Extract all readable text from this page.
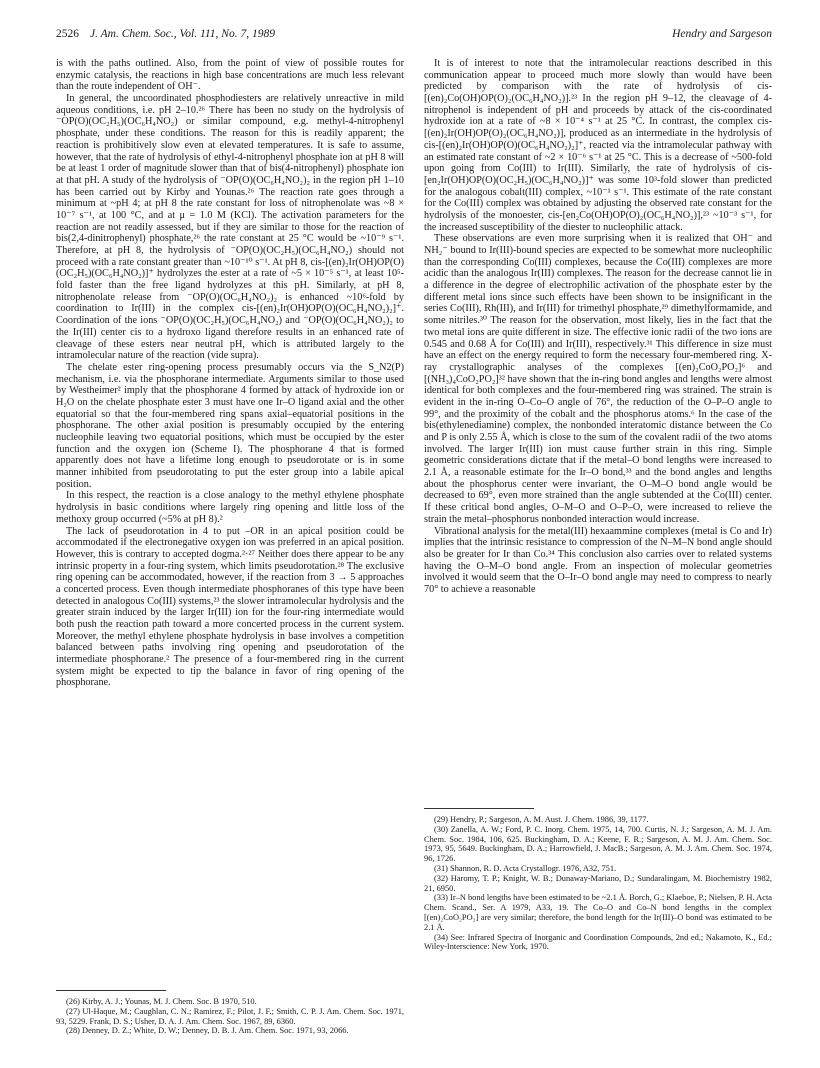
2526 J. Am. Chem. Soc., Vol. 111, No. 7, 1989	Hendry and Sargeson

is with the paths outlined. Also, from the point of view of possible routes for enzymic catalysis, the reactions in high base concentrations are much less relevant than the route independent of OH⁻.

In general, the uncoordinated phosphodiesters are relatively unreactive in mild aqueous conditions, i.e. pH 2–10.²⁶ There has been no study on the hydrolysis of ⁻OP(O)(OC₂H₅)(OC₆H₄NO₂) or similar compound, e.g. methyl-4-nitrophenyl phosphate, under these conditions. The reason for this is readily apparent; the reaction is prohibitively slow even at elevated temperatures. It is safe to assume, however, that the rate of hydrolysis of ethyl-4-nitrophenyl phosphate ion at pH 8 will be at least 1 order of magnitude slower than that of bis(4-nitrophenyl) phosphate ion at that pH. A study of the hydrolysis of ⁻OP(O)(OC₆H₄NO₂)₂ in the region pH 1–10 has been carried out by Kirby and Younas.²⁶ The reaction rate goes through a minimum at ~pH 4; at pH 8 the rate constant for loss of nitrophenolate was ~8 × 10⁻⁷ s⁻¹, at 100 °C, and at μ = 1.0 M (KCl). The activation parameters for the reaction are not readily assessed, but if they are similar to those for the reaction of bis(2,4-dinitrophenyl) phosphate,²⁶ the rate constant at 25 °C would be ~10⁻⁹ s⁻¹. Therefore, at pH 8, the hydrolysis of ⁻OP(O)(OC₂H₅)(OC₆H₄NO₂) should not proceed with a rate constant greater than ~10⁻¹⁰ s⁻¹. At pH 8, cis-[(en)₂Ir(OH)OP(O)(OC₂H₅)(OC₆H₄NO₂)]⁺ hydrolyzes the ester at a rate of ~5 × 10⁻⁵ s⁻¹, at least 10⁵-fold faster than the free ligand hydrolyzes at this pH. Similarly, at pH 8, nitrophenolate release from ⁻OP(O)(OC₆H₄NO₂)₂ is enhanced ~10⁶-fold by coordination to Ir(III) in the complex cis-[(en)₂Ir(OH)OP(O)(OC₆H₄NO₂)₂]⁺. Coordination of the ions ⁻OP(O)(OC₂H₅)(OC₆H₄NO₂) and ⁻OP(O)(OC₆H₄NO₂)₂ to the Ir(III) center cis to a hydroxo ligand therefore results in an enhanced rate of cleavage of these esters near neutral pH, which is attributed largely to the intramolecular nature of the reaction (vide supra).

The chelate ester ring-opening process presumably occurs via the S_N2(P) mechanism, i.e. via the phosphorane intermediate. Arguments similar to those used by Westheimer² imply that the phosphorane 4 formed by attack of hydroxide ion or H₂O on the chelate phosphate ester 3 must have one Ir–O ligand axial and the other equatorial so that the four-membered ring spans axial–equatorial positions in the phosphorane. The other axial position is presumably occupied by the entering nucleophile leaving two equatorial positions, which must be occupied by the ester function and the oxygen ion (Scheme I). The phosphorane 4 that is formed apparently does not have a lifetime long enough to pseudorotate or is in some manner inhibited from pseudorotating to put the ester group into a labile apical position.

In this respect, the reaction is a close analogy to the methyl ethylene phosphate hydrolysis in basic conditions where largely ring opening and little loss of the methoxy group occurred (~5% at pH 8).²

The lack of pseudorotation in 4 to put –OR in an apical position could be accommodated if the electronegative oxygen ion was preferred in an apical position. However, this is contrary to accepted dogma.²·²⁷ Neither does there appear to be any intrinsic property in a four-ring system, which limits pseudorotation.²⁸ The exclusive ring opening can be accommodated, however, if the reaction from 3 → 5 approaches a concerted process. Even though intermediate phosphoranes of this type have been detected in analogous Co(III) systems,²³ the slower intramolecular hydrolysis and the greater strain induced by the larger Ir(III) ion for the four-ring intermediate would both push the reaction path toward a more concerted process in the current system. Moreover, the methyl ethylene phosphate hydrolysis in base involves a competition balanced between paths involving ring opening and pseudorotation of the intermediate phosphorane.² The presence of a four-membered ring in the current system might be expected to tip the balance in favor of ring opening of the phosphorane.

It is of interest to note that the intramolecular reactions described in this communication appear to proceed much more slowly than would have been predicted by comparison with the rate of hydrolysis of cis-[(en)₂Co(OH)OP(O)₂(OC₆H₄NO₂)].²³ In the region pH 9–12, the cleavage of 4-nitrophenol is independent of pH and proceeds by attack of the cis-coordinated hydroxide ion at a rate of ~8 × 10⁻⁴ s⁻¹ at 25 °C. In contrast, the complex cis-[(en)₂Ir(OH)OP(O)₂(OC₆H₄NO₂)], produced as an intermediate in the hydrolysis of cis-[(en)₂Ir(OH)OP(O)(OC₆H₄NO₂)₂]⁺, reacted via the intramolecular pathway with an estimated rate constant of ~2 × 10⁻⁶ s⁻¹ at 25 °C. This is a decrease of ~500-fold upon going from Co(III) to Ir(III). Similarly, the rate of hydrolysis of cis-[en₂Ir(OH)OP(O)(OC₂H₅)(OC₆H₄NO₂)]⁺ was some 10³-fold slower than predicted for the analogous cobalt(III) complex, ~10⁻¹ s⁻¹. This estimate of the rate constant for the Co(III) complex was obtained by adjusting the observed rate constant for the hydrolysis of the monoester, cis-[en₂Co(OH)OP(O)₂(OC₆H₄NO₂)],²³ ~10⁻³ s⁻¹, for the increased susceptibility of the diester to nucleophilic attack.

These observations are even more surprising when it is realized that OH⁻ and NH₂⁻ bound to Ir(III)-bound species are expected to be somewhat more nucleophilic than the corresponding Co(III) complexes, because the Co(III) complexes are more acidic than the analogous Ir(III) complexes. The reason for the decrease cannot lie in a difference in the degree of electrophilic activation of the phosphate ester by the different metal ions since such effects have been shown to be insignificant in the series Co(III), Rh(III), and Ir(III) for trimethyl phosphate,²⁹ dimethylformamide, and some nitriles.³⁰ The reason for the observation, most likely, lies in the fact that the two metal ions are quite different in size. The effective ionic radii of the two ions are 0.545 and 0.68 Å for Co(III) and Ir(III), respectively.³¹ This difference in size must have an effect on the energy required to form the necessary four-membered ring. X-ray crystallographic analyses of the complexes [(en)₂CoO₂PO₂]⁶ and [(NH₃)₄CoO₂PO₂]³² have shown that the in-ring bond angles and lengths were almost identical for both complexes and the four-membered ring was strained. The strain is evident in the in-ring O–Co–O angle of 76°, the reduction of the O–P–O angle to 99°, and the proximity of the cobalt and the phosphorus atoms.⁶ In the case of the bis(ethylenediamine) complex, the nonbonded interatomic distance between the Co and P is only 2.55 Å, which is close to the sum of the covalent radii of the two atoms involved. The larger Ir(III) ion must cause further strain in this ring. Simple geometric considerations dictate that if the metal–O bond lengths were increased to 2.1 Å, a reasonable estimate for the Ir–O bond,³³ and the bond angles and lengths about the phosphorus center were invariant, the O–M–O bond angle would be decreased to 69°, even more strained than the angle subtended at the Co(III) center. If these critical bond angles, O–M–O and O–P–O, were increased to relieve the strain the metal–phosphorus nonbonded interaction would increase.

Vibrational analysis for the metal(III) hexaammine complexes (metal is Co and Ir) implies that the intrinsic resistance to compression of the N–M–N bond angle should also be greater for Ir than Co.³⁴ This conclusion also carries over to related systems having the O–M–O bond angle. From an inspection of molecular geometries involved it would seem that the O–Ir–O bond angle may need to compress to nearly 70° to achieve a reasonable

(26) Kirby, A. J.; Younas, M. J. Chem. Soc. B 1970, 510.

(27) Ul-Haque, M.; Caughlan, C. N.; Ramirez, F.; Pilot, J. F.; Smith, C. P. J. Am. Chem. Soc. 1971, 93, 5229. Frank, D. S.; Usher, D. A. J. Am. Chem. Soc. 1967, 89, 6360.

(28) Denney, D. Z.; White, D. W.; Denney, D. B. J. Am. Chem. Soc. 1971, 93, 2066.

(29) Hendry, P.; Sargeson, A. M. Aust. J. Chem. 1986, 39, 1177.

(30) Zanella, A. W.; Ford, P. C. Inorg. Chem. 1975, 14, 700. Curtis, N. J.; Sargeson, A. M. J. Am. Chem. Soc. 1984, 106, 625. Buckingham, D. A.; Keene, F. R.; Sargeson, A. M. J. Am. Chem. Soc. 1973, 95, 5649. Buckingham, D. A.; Harrowfield, J. MacB.; Sargeson, A. M. J. Am. Chem. Soc. 1974, 96, 1726.

(31) Shannon, R. D. Acta Crystallogr. 1976, A32, 751.

(32) Haromy, T. P.; Knight, W. B.; Dunaway-Mariano, D.; Sundaralingam, M. Biochemistry 1982, 21, 6950.

(33) Ir–N bond lengths have been estimated to be ~2.1 Å. Borch, G.; Klaeboe, P.; Nielsen, P. H. Acta Chem. Scand., Ser. A 1979, A33, 19. The Co–O and Co–N bond lengths in the complex [(en)₂CoO₂PO₂] are very similar; therefore, the bond length for the Ir(III)–O bond was estimated to be 2.1 Å.

(34) See: Infrared Spectra of Inorganic and Coordination Compounds, 2nd ed.; Nakamoto, K., Ed.; Wiley-Interscience: New York, 1970.
